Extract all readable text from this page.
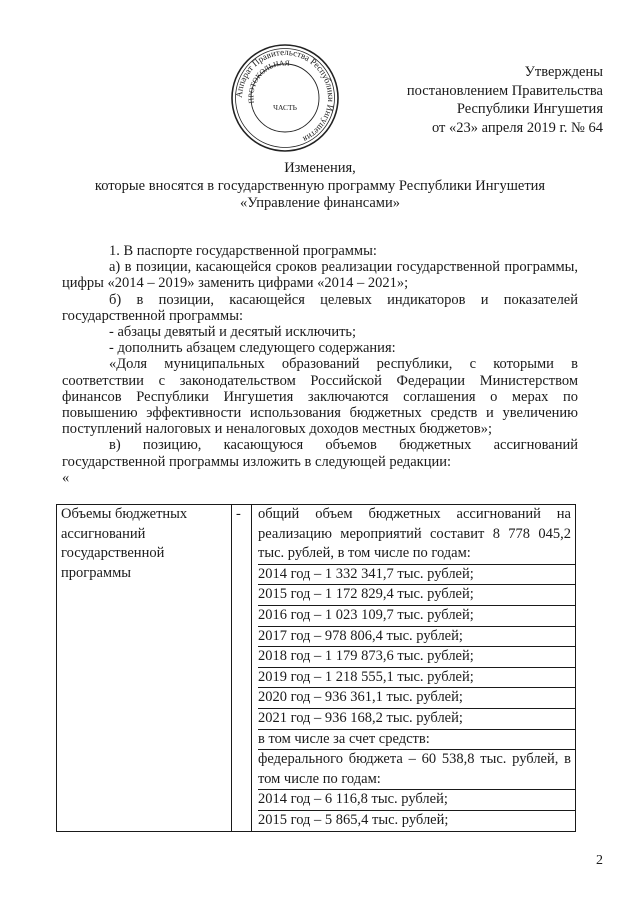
Аппарат Правительства Республики Ингушетия
ПРОТОКОЛЬНАЯ
ЧАСТЬ
Утверждены
постановлением Правительства
Республики Ингушетия
от «23» апреля 2019 г. № 64
Изменения,
которые вносятся в государственную программу Республики Ингушетия
«Управление финансами»

1. В паспорте государственной программы:

а) в позиции, касающейся сроков реализации государственной программы, цифры «2014 – 2019» заменить цифрами «2014 – 2021»;

б) в позиции, касающейся целевых индикаторов и показателей государственной программы:

- абзацы девятый и десятый исключить;

- дополнить абзацем следующего содержания:

«Доля муниципальных образований республики, с которыми в соответствии с законодательством Российской Федерации Министерством финансов Республики Ингушетия заключаются соглашения о мерах по повышению эффективности использования бюджетных средств и увеличению поступлений налоговых и неналоговых доходов местных бюджетов»;

в) позицию, касающуюся объемов бюджетных ассигнований государственной программы изложить в следующей редакции:

«

Объемы бюджетных ассигнований государственной программы	-	общий объем бюджетных ассигнований на реализацию мероприятий составит 8 778 045,2 тыс. рублей, в том числе по годам:
2014 год – 1 332 341,7 тыс. рублей;
2015 год – 1 172 829,4 тыс. рублей;
2016 год – 1 023 109,7 тыс. рублей;
2017 год – 978 806,4 тыс. рублей;
2018 год – 1 179 873,6 тыс. рублей;
2019 год – 1 218 555,1 тыс. рублей;
2020 год – 936 361,1 тыс. рублей;
2021 год – 936 168,2 тыс. рублей;
в том числе за счет средств:
федерального бюджета – 60 538,8 тыс. рублей, в том числе по годам:
2014 год – 6 116,8 тыс. рублей;
2015 год – 5 865,4 тыс. рублей;
2
